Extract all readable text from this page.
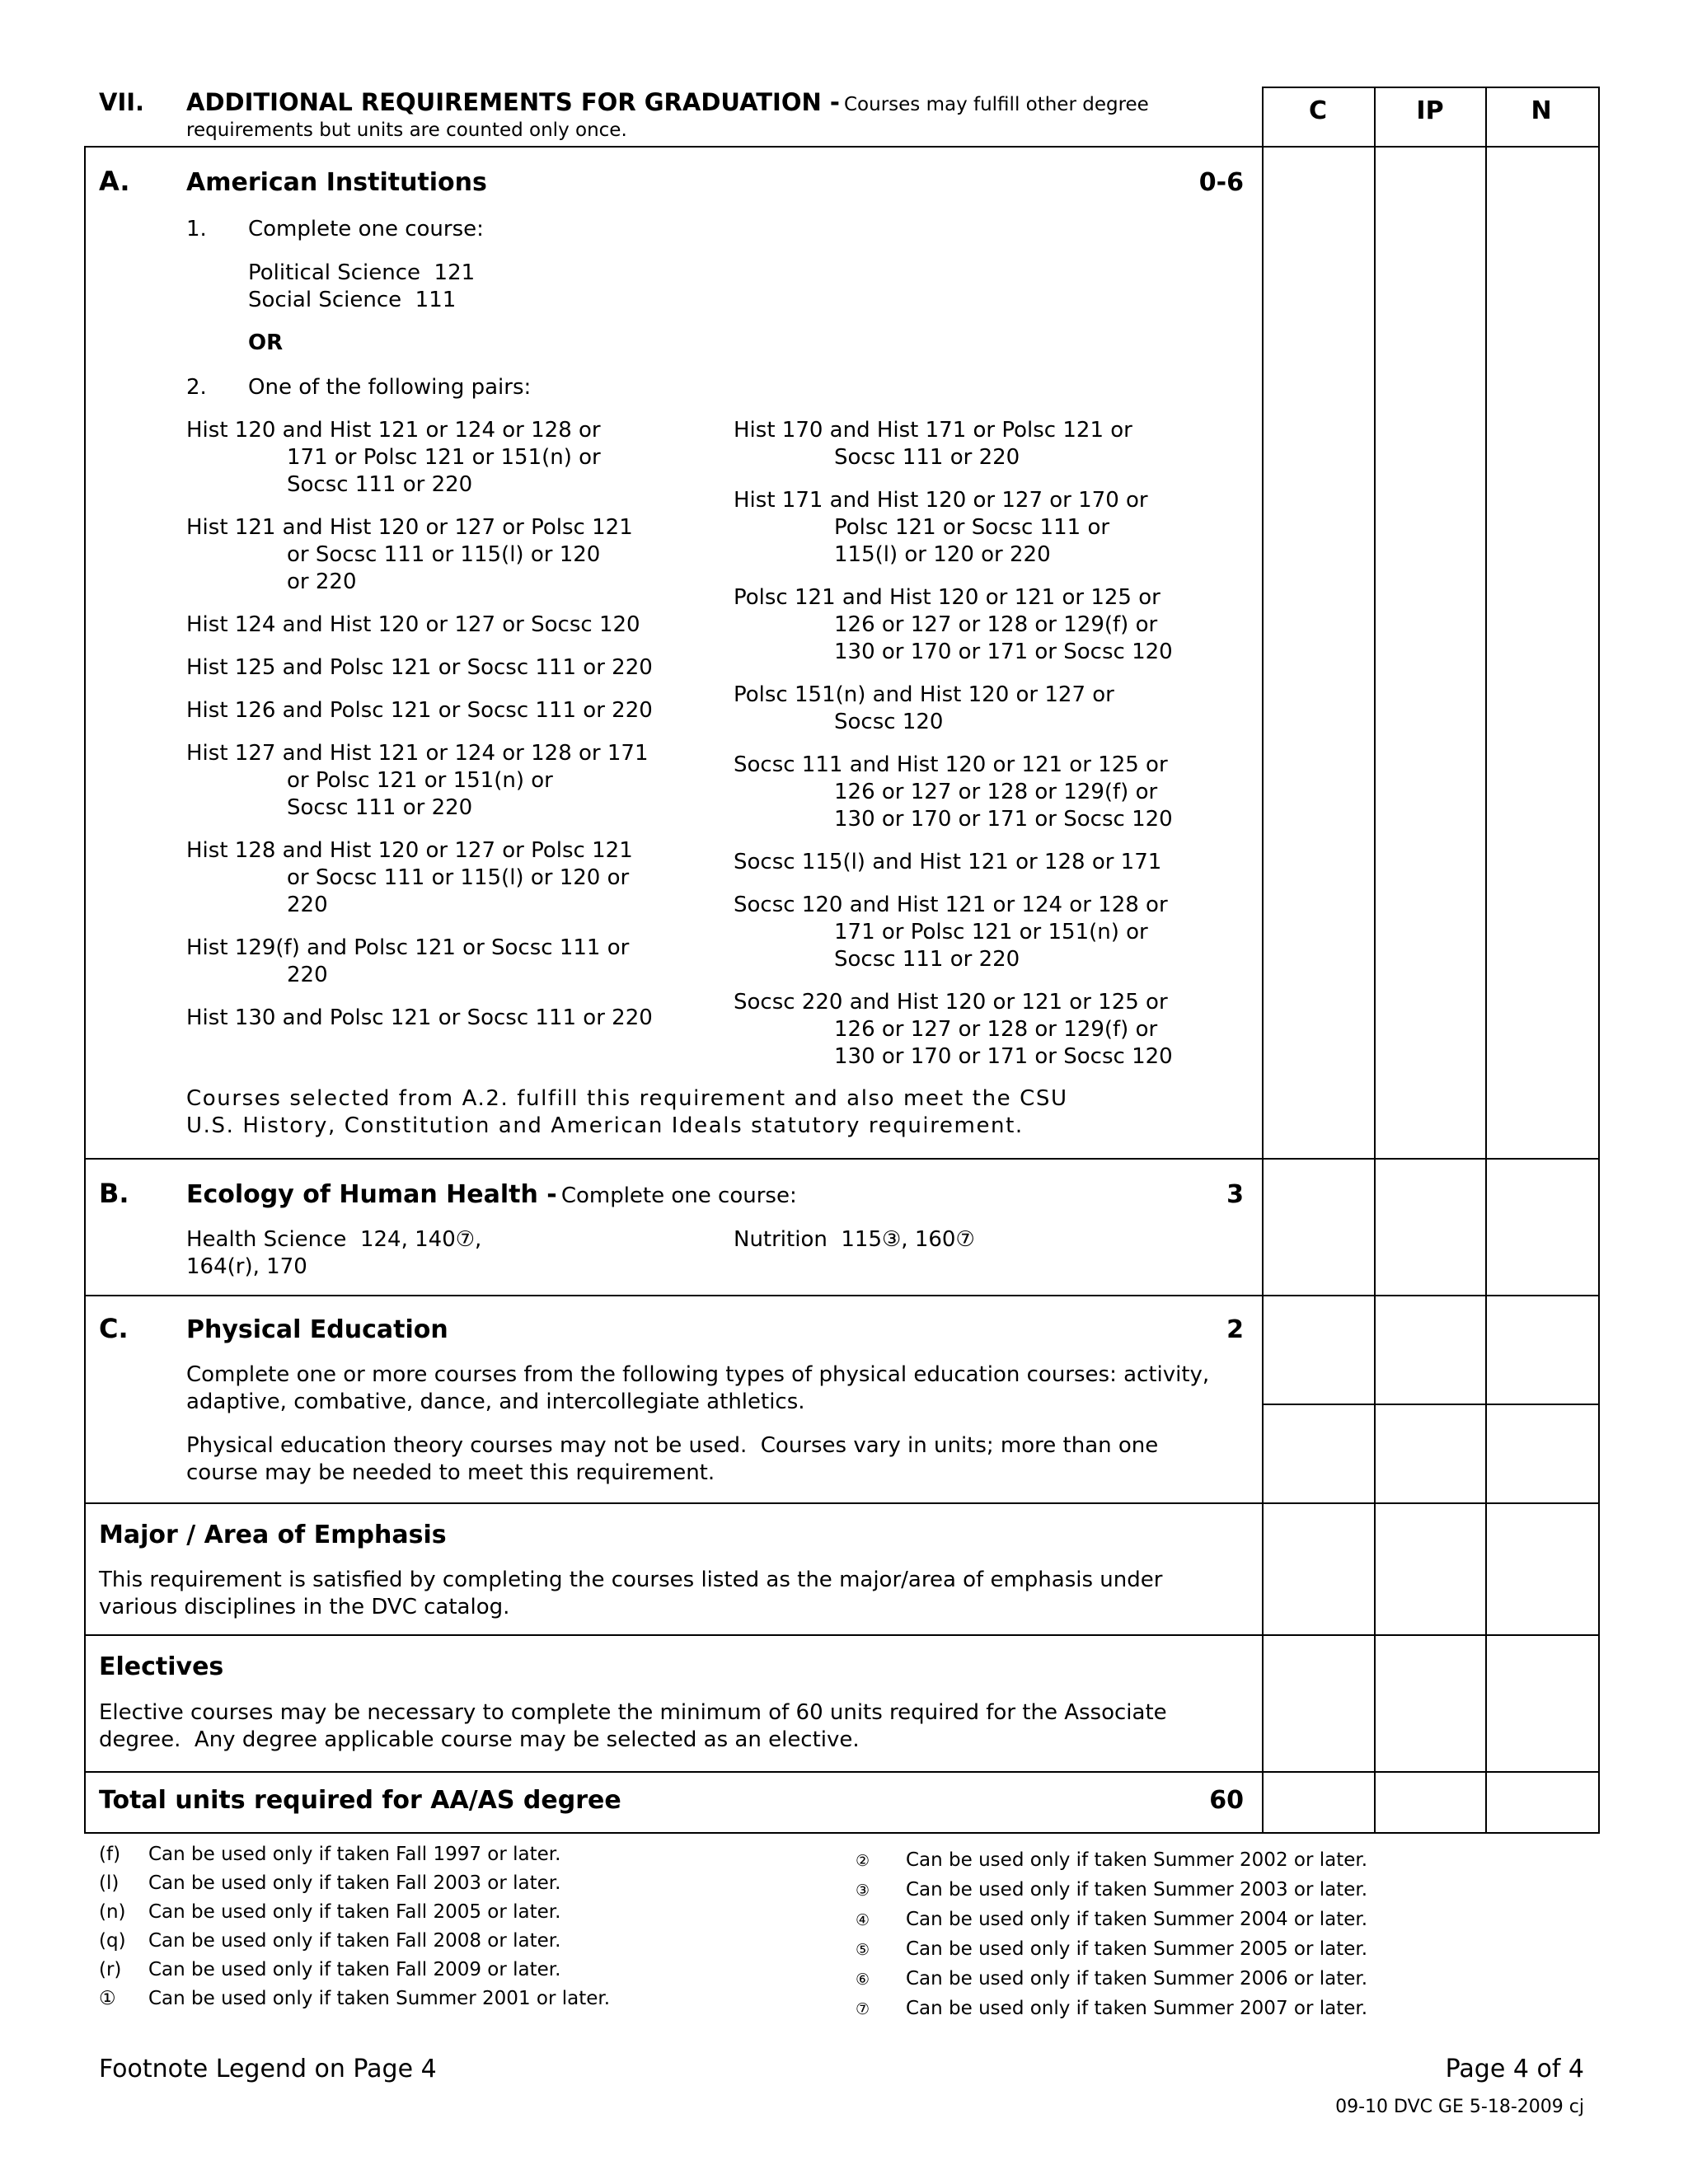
VII. ADDITIONAL REQUIREMENTS FOR GRADUATION - Courses may fulfill other degree
requirements but units are counted only once.
C	IP	N
A. American Institutions	0-6
1. Complete one course:
Political Science  121
Social Science  111
OR
2. One of the following pairs:
Hist 120 and Hist 121 or 124 or 128 or
171 or Polsc 121 or 151(n) or
Socsc 111 or 220
Hist 121 and Hist 120 or 127 or Polsc 121
or Socsc 111 or 115(l) or 120
or 220
Hist 124 and Hist 120 or 127 or Socsc 120
Hist 125 and Polsc 121 or Socsc 111 or 220
Hist 126 and Polsc 121 or Socsc 111 or 220
Hist 127 and Hist 121 or 124 or 128 or 171
or Polsc 121 or 151(n) or
Socsc 111 or 220
Hist 128 and Hist 120 or 127 or Polsc 121
or Socsc 111 or 115(l) or 120 or
220
Hist 129(f) and Polsc 121 or Socsc 111 or
220
Hist 130 and Polsc 121 or Socsc 111 or 220
Hist 170 and Hist 171 or Polsc 121 or
Socsc 111 or 220
Hist 171 and Hist 120 or 127 or 170 or
Polsc 121 or Socsc 111 or
115(l) or 120 or 220
Polsc 121 and Hist 120 or 121 or 125 or
126 or 127 or 128 or 129(f) or
130 or 170 or 171 or Socsc 120
Polsc 151(n) and Hist 120 or 127 or
Socsc 120
Socsc 111 and Hist 120 or 121 or 125 or
126 or 127 or 128 or 129(f) or
130 or 170 or 171 or Socsc 120
Socsc 115(l) and Hist 121 or 128 or 171
Socsc 120 and Hist 121 or 124 or 128 or
171 or Polsc 121 or 151(n) or
Socsc 111 or 220
Socsc 220 and Hist 120 or 121 or 125 or
126 or 127 or 128 or 129(f) or
130 or 170 or 171 or Socsc 120
Courses selected from A.2. fulfill this requirement and also meet the CSU
U.S. History, Constitution and American Ideals statutory requirement.
B. Ecology of Human Health - Complete one course:	3
Health Science  124, 140⑦,
164(r), 170
Nutrition  115③, 160⑦
C. Physical Education	2
Complete one or more courses from the following types of physical education courses: activity,
adaptive, combative, dance, and intercollegiate athletics.
Physical education theory courses may not be used.  Courses vary in units; more than one
course may be needed to meet this requirement.
Major / Area of Emphasis
This requirement is satisfied by completing the courses listed as the major/area of emphasis under
various disciplines in the DVC catalog.
Electives
Elective courses may be necessary to complete the minimum of 60 units required for the Associate
degree.  Any degree applicable course may be selected as an elective.
Total units required for AA/AS degree	60
(f) Can be used only if taken Fall 1997 or later.
(l) Can be used only if taken Fall 2003 or later.
(n) Can be used only if taken Fall 2005 or later.
(q) Can be used only if taken Fall 2008 or later.
(r) Can be used only if taken Fall 2009 or later.
① Can be used only if taken Summer 2001 or later.
② Can be used only if taken Summer 2002 or later.
③ Can be used only if taken Summer 2003 or later.
④ Can be used only if taken Summer 2004 or later.
⑤ Can be used only if taken Summer 2005 or later.
⑥ Can be used only if taken Summer 2006 or later.
⑦ Can be used only if taken Summer 2007 or later.
Footnote Legend on Page 4	Page 4 of 4
09-10 DVC GE 5-18-2009 cj
